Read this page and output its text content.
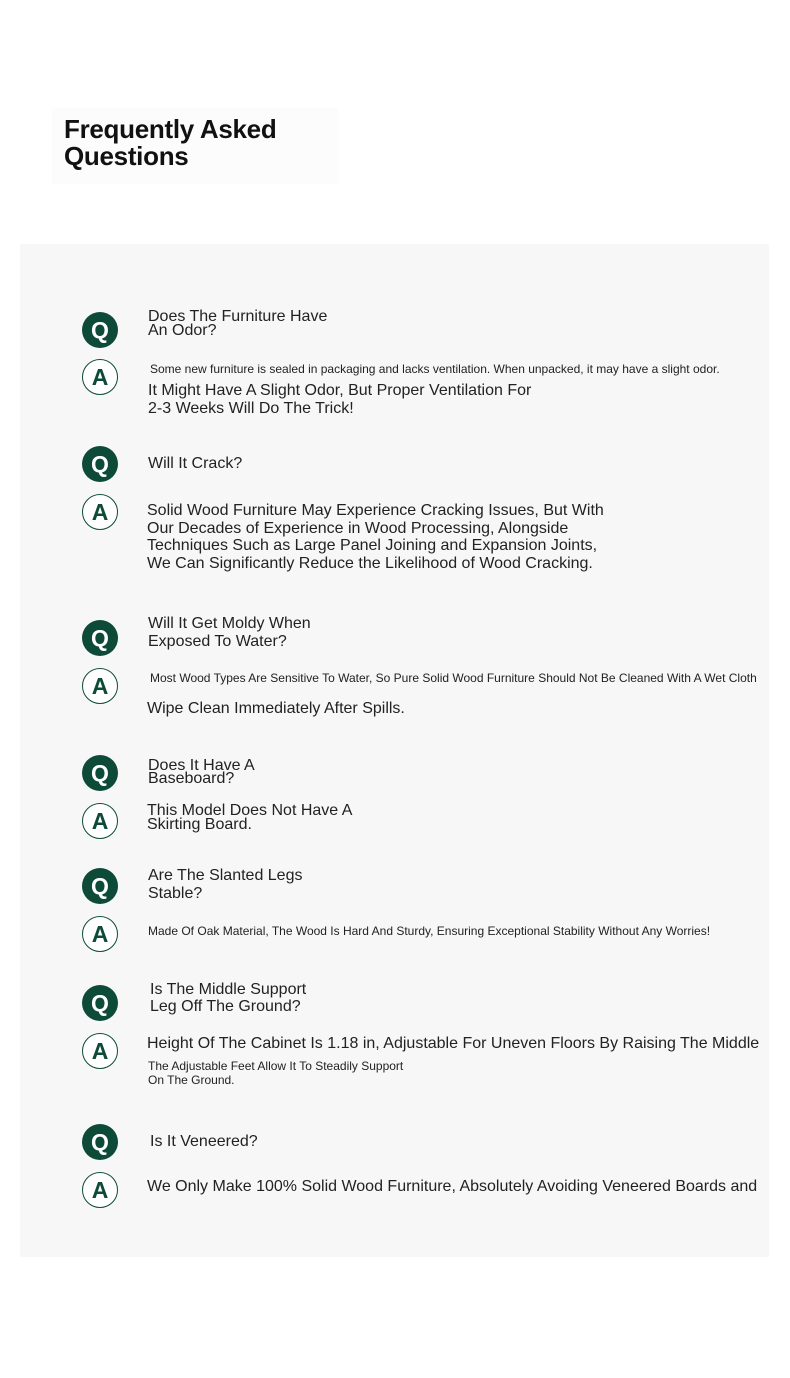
Frequently Asked Questions
Q	Does The Furniture Have
An Odor?
A	Some new furniture is sealed in packaging and lacks ventilation. When unpacked, it may have a slight odor.
It Might Have A Slight Odor, But Proper Ventilation For
2-3 Weeks Will Do The Trick!
Q	Will It Crack?
A	Solid Wood Furniture May Experience Cracking Issues, But With
Our Decades of Experience in Wood Processing, Alongside
Techniques Such as Large Panel Joining and Expansion Joints,
We Can Significantly Reduce the Likelihood of Wood Cracking.
Q
Will It Get Moldy When
Exposed To Water?
A	Most Wood Types Are Sensitive To Water, So Pure Solid Wood Furniture Should Not Be Cleaned With A Wet Cloth
Wipe Clean Immediately After Spills.
Q	Does It Have A
Baseboard?
A	This Model Does Not Have A
Skirting Board.
Q	Are The Slanted Legs
Stable?
A	Made Of Oak Material, The Wood Is Hard And Sturdy, Ensuring Exceptional Stability Without Any Worries!
Q	Is The Middle Support
Leg Off The Ground?
A	Height Of The Cabinet Is 1.18 in, Adjustable For Uneven Floors By Raising The Middle
The Adjustable Feet Allow It To Steadily Support
On The Ground.
Q	Is It Veneered?
A	We Only Make 100% Solid Wood Furniture, Absolutely Avoiding Veneered Boards and
